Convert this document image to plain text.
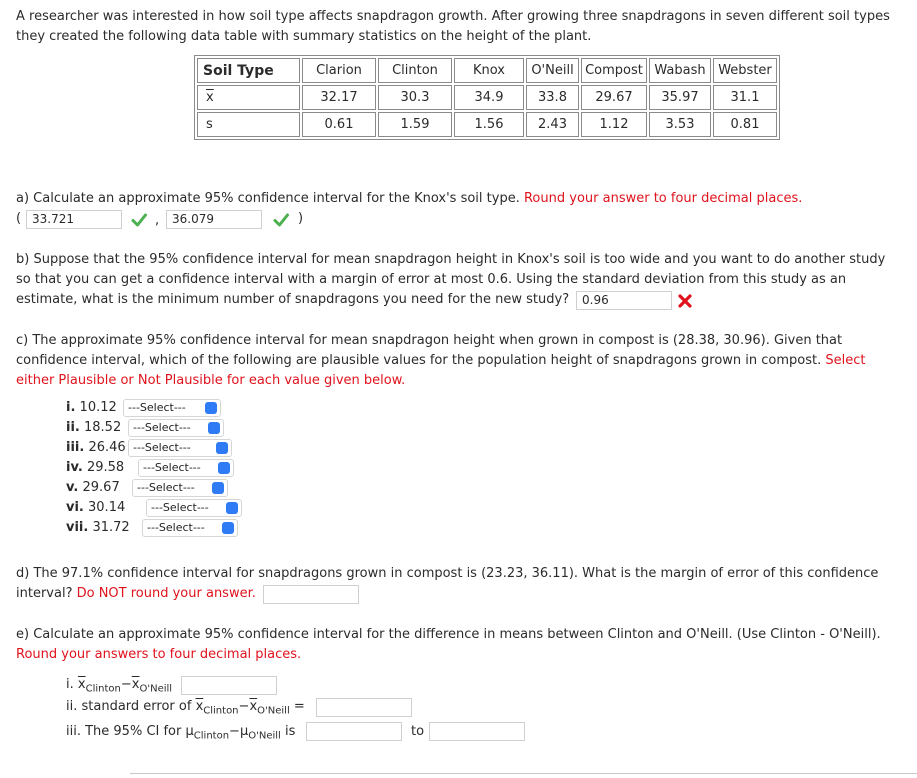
A researcher was interested in how soil type affects snapdragon growth. After growing three snapdragons in seven different soil types
they created the following data table with summary statistics on the height of the plant.
Soil Type	Clarion	Clinton	Knox	O'Neill	Compost	Wabash	Webster
$\overline{x}$	32.17	30.3	34.9	33.8	29.67	35.97	31.1
s	0.61	1.59	1.56	2.43	1.12	3.53	0.81
a) Calculate an approximate 95% confidence interval for the Knox's soil type. Round your answer to four decimal places.
( 33.721	,	36.079	)
b) Suppose that the 95% confidence interval for mean snapdragon height in Knox's soil is too wide and you want to do another study
so that you can get a confidence interval with a margin of error at most 0.6. Using the standard deviation from this study as an
estimate, what is the minimum number of snapdragons you need for the new study?	0.96
c) The approximate 95% confidence interval for mean snapdragon height when grown in compost is (28.38, 30.96). Given that
confidence interval, which of the following are plausible values for the population height of snapdragons grown in compost. Select
either Plausible or Not Plausible for each value given below.
i. 10.12	---Select---
ii. 18.52	---Select---
iii. 26.46 ---Select---
iv. 29.58	---Select---
v. 29.67	---Select---
vi. 30.14	---Select---
vii. 31.72	---Select---
d) The 97.1% confidence interval for snapdragons grown in compost is (23.23, 36.11). What is the margin of error of this confidence
interval? Do NOT round your answer.
e) Calculate an approximate 95% confidence interval for the difference in means between Clinton and O'Neill. (Use Clinton - O'Neill).
Round your answers to four decimal places.
i. $\overline{x}_{Clinton}-\overline{x}_{O'Neill}$
ii. standard error of $\overline{x}_{Clinton}-\overline{x}_{O'Neill}$ =
iii. The 95% CI for $\mu_{Clinton}-\mu_{O'Neill}$ is	to
